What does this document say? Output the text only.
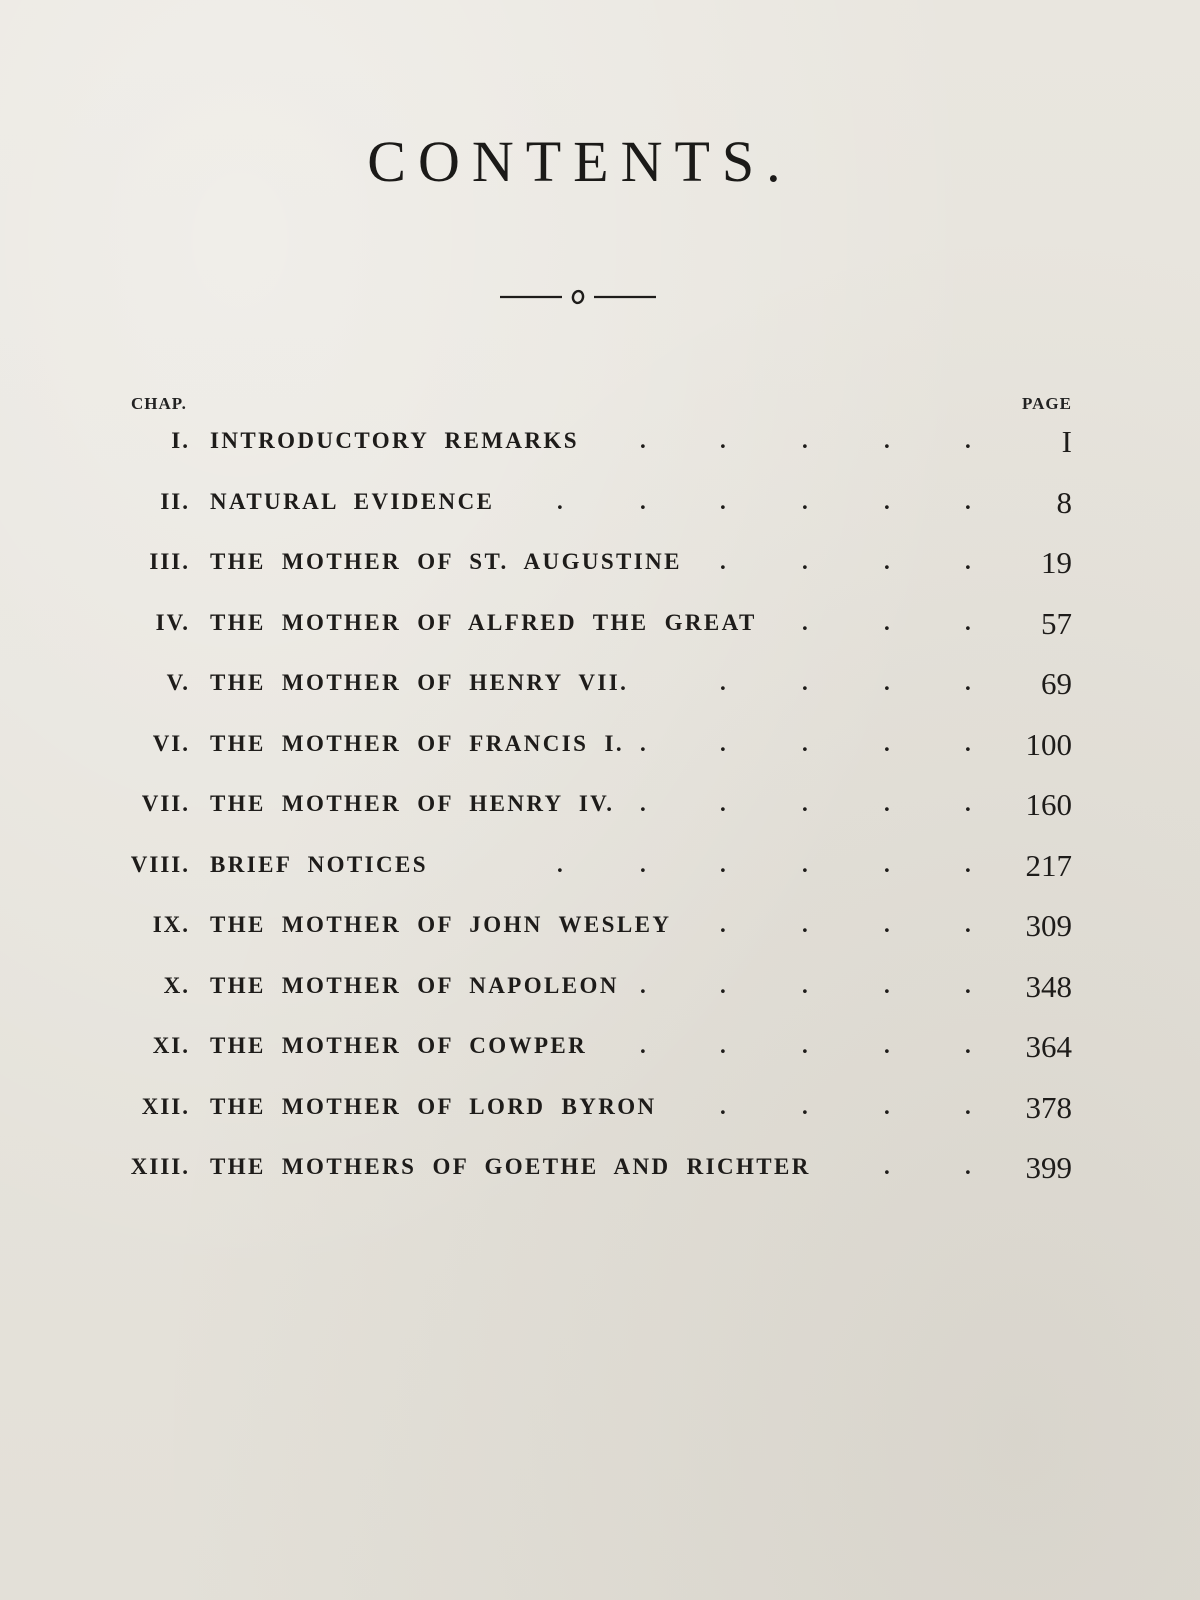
CONTENTS.
CHAP.	PAGE
I. INTRODUCTORY REMARKS	I
.	.	.	.	.
II. NATURAL EVIDENCE	8
.	.	.	.	.	.
III. THE MOTHER OF ST. AUGUSTINE	19
.	.	.	.
IV. THE MOTHER OF ALFRED THE GREAT	57
.	.	.
V. THE MOTHER OF HENRY VII.	69
.	.	.	.
VI. THE MOTHER OF FRANCIS I.	100
.	.	.	.	.
VII. THE MOTHER OF HENRY IV.	160
.	.	.	.	.
VIII. BRIEF NOTICES	217
.	.	.	.	.	.
IX. THE MOTHER OF JOHN WESLEY	309
.	.	.	.
X. THE MOTHER OF NAPOLEON	348
.	.	.	.	.
XI. THE MOTHER OF COWPER	364
.	.	.	.	.
XII. THE MOTHER OF LORD BYRON	378
.	.	.	.
XIII. THE MOTHERS OF GOETHE AND RICHTER	399
.	.
